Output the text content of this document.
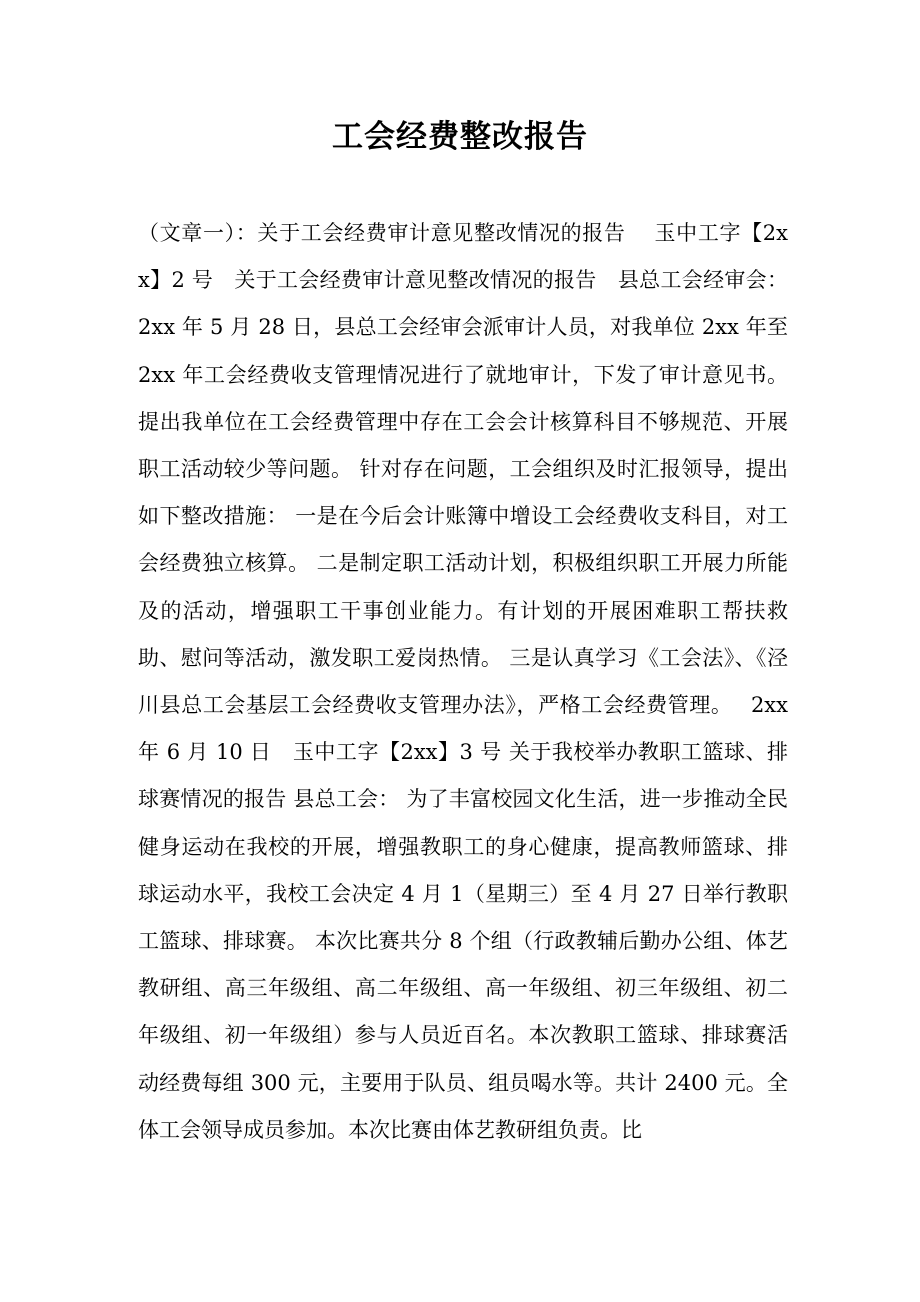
工会经费整改报告

（文章一）：关于工会经费审计意见整改情况的报告　 玉中工字【2xx】2 号　关于工会经费审计意见整改情况的报告　县总工会经审会： 2xx 年 5 月 28 日，县总工会经审会派审计人员，对我单位 2xx 年至 2xx 年工会经费收支管理情况进行了就地审计，下发了审计意见书。提出我单位在工会经费管理中存在工会会计核算科目不够规范、开展职工活动较少等问题。 针对存在问题，工会组织及时汇报领导，提出如下整改措施： 一是在今后会计账簿中增设工会经费收支科目，对工会经费独立核算。 二是制定职工活动计划，积极组织职工开展力所能及的活动，增强职工干事创业能力。有计划的开展困难职工帮扶救助、慰问等活动，激发职工爱岗热情。 三是认真学习《工会法》、《泾川县总工会基层工会经费收支管理办法》，严格工会经费管理。　 2xx 年 6 月 10 日　玉中工字【2xx】3 号 关于我校举办教职工篮球、排球赛情况的报告 县总工会： 为了丰富校园文化生活，进一步推动全民健身运动在我校的开展，增强教职工的身心健康，提高教师篮球、排球运动水平，我校工会决定 4 月 1（星期三）至 4 月 27 日举行教职工篮球、排球赛。 本次比赛共分 8 个组（行政教辅后勤办公组、体艺教研组、高三年级组、高二年级组、高一年级组、初三年级组、初二年级组、初一年级组）参与人员近百名。本次教职工篮球、排球赛活动经费每组 300 元，主要用于队员、组员喝水等。共计 2400 元。全体工会领导成员参加。本次比赛由体艺教研组负责。比
